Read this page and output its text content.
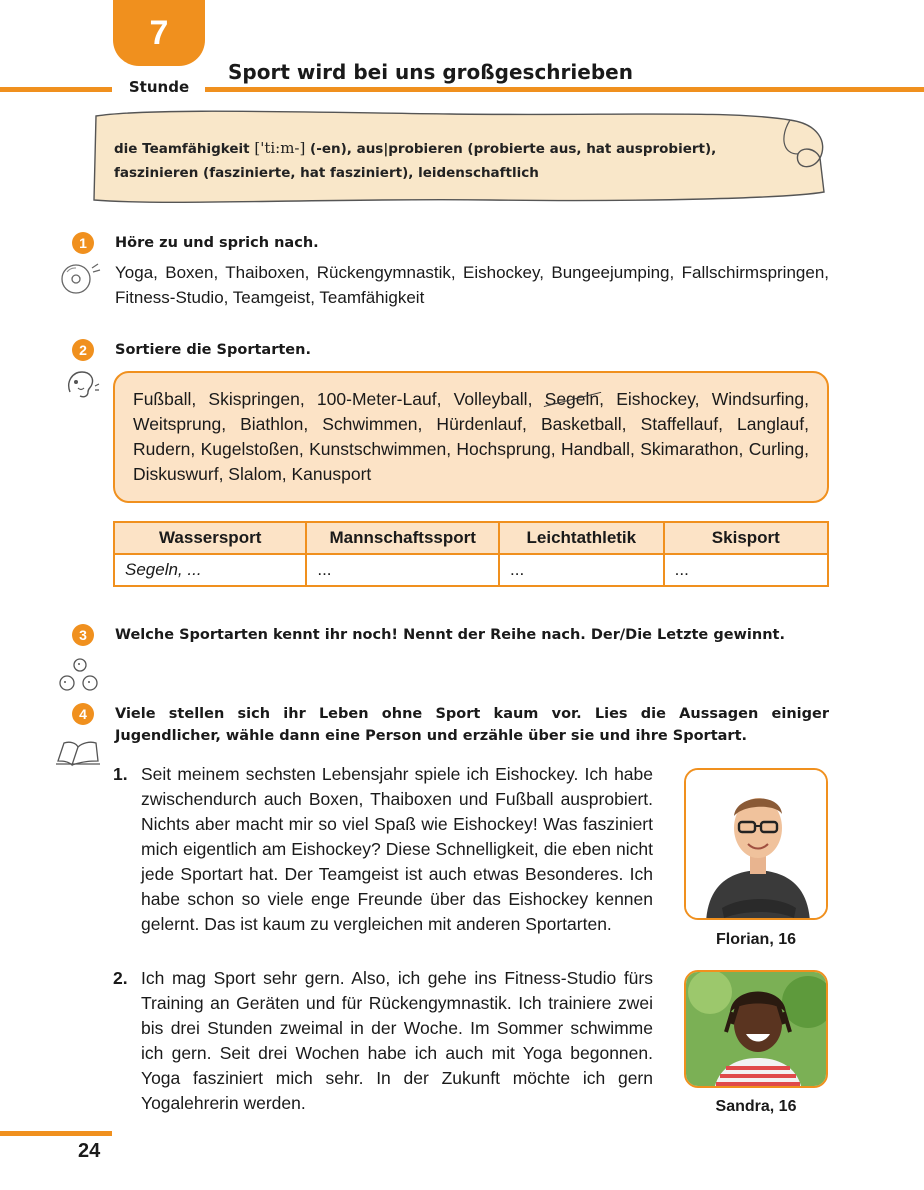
7
Stunde
Sport wird bei uns großgeschrieben
die Teamfähigkeit ['ti:m-] (-en), aus|probieren (probierte aus, hat ausprobiert),
faszinieren (faszinierte, hat fasziniert), leidenschaftlich
1	Höre zu und sprich nach.
Yoga, Boxen, Thaiboxen, Rückengymnastik, Eishockey, Bungeejumping, Fallschirmspringen, Fitness-Studio, Teamgeist, Teamfähigkeit
2	Sortiere die Sportarten.
Fußball, Skispringen, 100-Meter-Lauf, Volleyball, Segeln, Eishockey, Windsurfing, Weitsprung, Biathlon, Schwimmen, Hürdenlauf, Basketball, Staffellauf, Langlauf, Rudern, Kugelstoßen, Kunstschwimmen, Hochsprung, Handball, Skimarathon, Curling, Diskuswurf, Slalom, Kanusport
Wassersport	Mannschaftssport	Leichtathletik	Skisport
Segeln, ...	...	...	...
3	Welche Sportarten kennt ihr noch! Nennt der Reihe nach. Der/Die Letzte gewinnt.
4	Viele stellen sich ihr Leben ohne Sport kaum vor. Lies die Aussagen einiger Jugendlicher, wähle dann eine Person und erzähle über sie und ihre Sportart.
1. Seit meinem sechsten Lebensjahr spiele ich Eishockey. Ich habe zwischendurch auch Boxen, Thaiboxen und Fußball ausprobiert. Nichts aber macht mir so viel Spaß wie Eishockey! Was fasziniert mich eigentlich am Eishockey? Diese Schnelligkeit, die eben nicht jede Sportart hat. Der Teamgeist ist auch etwas Besonderes. Ich habe schon so viele enge Freunde über das Eishockey kennen gelernt. Das ist kaum zu vergleichen mit anderen Sportarten.
Florian, 16
2. Ich mag Sport sehr gern. Also, ich gehe ins Fitness-Studio fürs Training an Geräten und für Rückengymnastik. Ich trainiere zwei bis drei Stunden zweimal in der Woche. Im Sommer schwimme ich gern. Seit drei Wochen habe ich auch mit Yoga begonnen. Yoga fasziniert mich sehr. In der Zukunft möchte ich gern Yogalehrerin werden.	Sandra, 16
24
